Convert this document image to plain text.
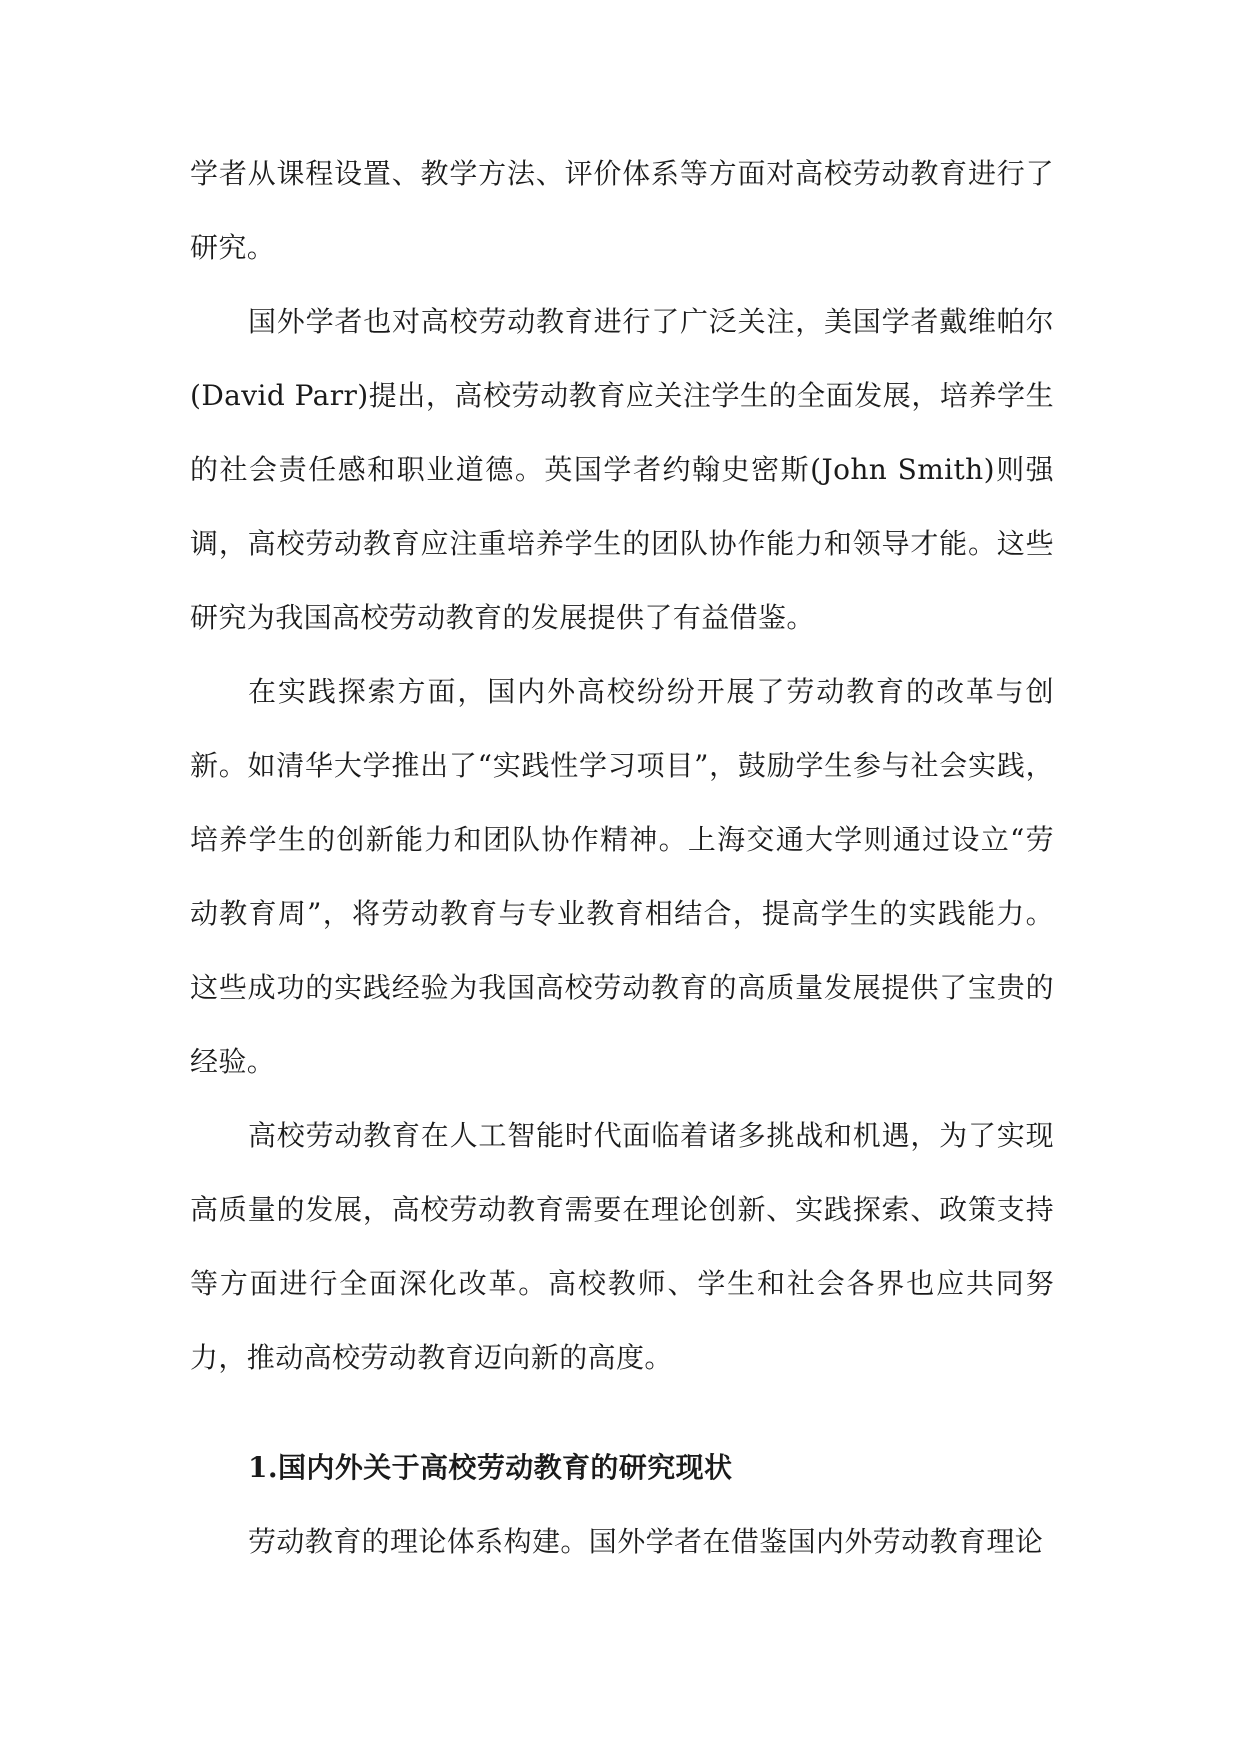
学者从课程设置、教学方法、评价体系等方面对高校劳动教育进行了研究。

国外学者也对高校劳动教育进行了广泛关注，美国学者戴维帕尔(David Parr)提出，高校劳动教育应关注学生的全面发展，培养学生的社会责任感和职业道德。英国学者约翰史密斯(John Smith)则强调，高校劳动教育应注重培养学生的团队协作能力和领导才能。这些研究为我国高校劳动教育的发展提供了有益借鉴。

在实践探索方面，国内外高校纷纷开展了劳动教育的改革与创新。如清华大学推出了“实践性学习项目”，鼓励学生参与社会实践，培养学生的创新能力和团队协作精神。上海交通大学则通过设立“劳动教育周”，将劳动教育与专业教育相结合，提高学生的实践能力。这些成功的实践经验为我国高校劳动教育的高质量发展提供了宝贵的经验。

高校劳动教育在人工智能时代面临着诸多挑战和机遇，为了实现高质量的发展，高校劳动教育需要在理论创新、实践探索、政策支持等方面进行全面深化改革。高校教师、学生和社会各界也应共同努力，推动高校劳动教育迈向新的高度。

1.国内外关于高校劳动教育的研究现状

劳动教育的理论体系构建。国外学者在借鉴国内外劳动教育理论
